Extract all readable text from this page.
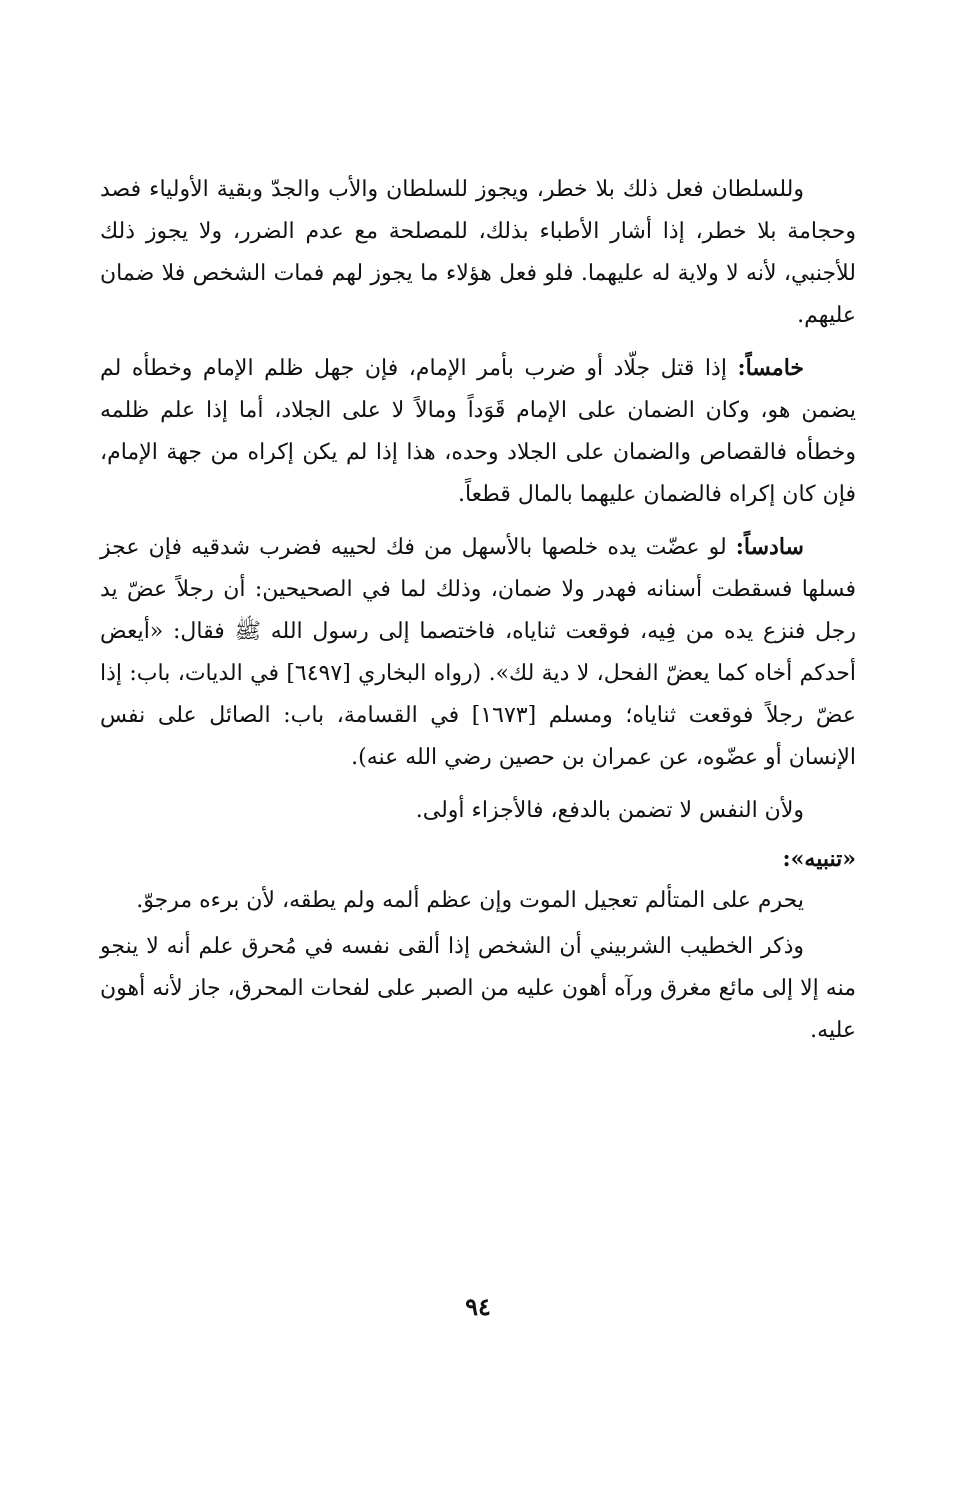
وللسلطان فعل ذلك بلا خطر، ويجوز للسلطان والأب والجدّ وبقية الأولياء فصد وحجامة بلا خطر، إذا أشار الأطباء بذلك، للمصلحة مع عدم الضرر، ولا يجوز ذلك للأجنبي، لأنه لا ولاية له عليهما. فلو فعل هؤلاء ما يجوز لهم فمات الشخص فلا ضمان عليهم.

خامساً: إذا قتل جلّاد أو ضرب بأمر الإمام، فإن جهل ظلم الإمام وخطأه لم يضمن هو، وكان الضمان على الإمام قَوَداً ومالاً لا على الجلاد، أما إذا علم ظلمه وخطأه فالقصاص والضمان على الجلاد وحده، هذا إذا لم يكن إكراه من جهة الإمام، فإن كان إكراه فالضمان عليهما بالمال قطعاً.

سادساً: لو عضّت يده خلصها بالأسهل من فك لحييه فضرب شدقيه فإن عجز فسلها فسقطت أسنانه فهدر ولا ضمان، وذلك لما في الصحيحين: أن رجلاً عضّ يد رجل فنزع يده من فِيه، فوقعت ثناياه، فاختصما إلى رسول الله ﷺ فقال: «أيعض أحدكم أخاه كما يعضّ الفحل، لا دية لك». (رواه البخاري [٦٤٩٧] في الديات، باب: إذا عضّ رجلاً فوقعت ثناياه؛ ومسلم [١٦٧٣] في القسامة، باب: الصائل على نفس الإنسان أو عضّوه، عن عمران بن حصين رضي الله عنه).

ولأن النفس لا تضمن بالدفع، فالأجزاء أولى.

«تنبيه»:

يحرم على المتألم تعجيل الموت وإن عظم ألمه ولم يطقه، لأن برءه مرجوّ.

وذكر الخطيب الشربيني أن الشخص إذا ألقى نفسه في مُحرق علم أنه لا ينجو منه إلا إلى مائع مغرق ورآه أهون عليه من الصبر على لفحات المحرق، جاز لأنه أهون عليه.

٩٤
